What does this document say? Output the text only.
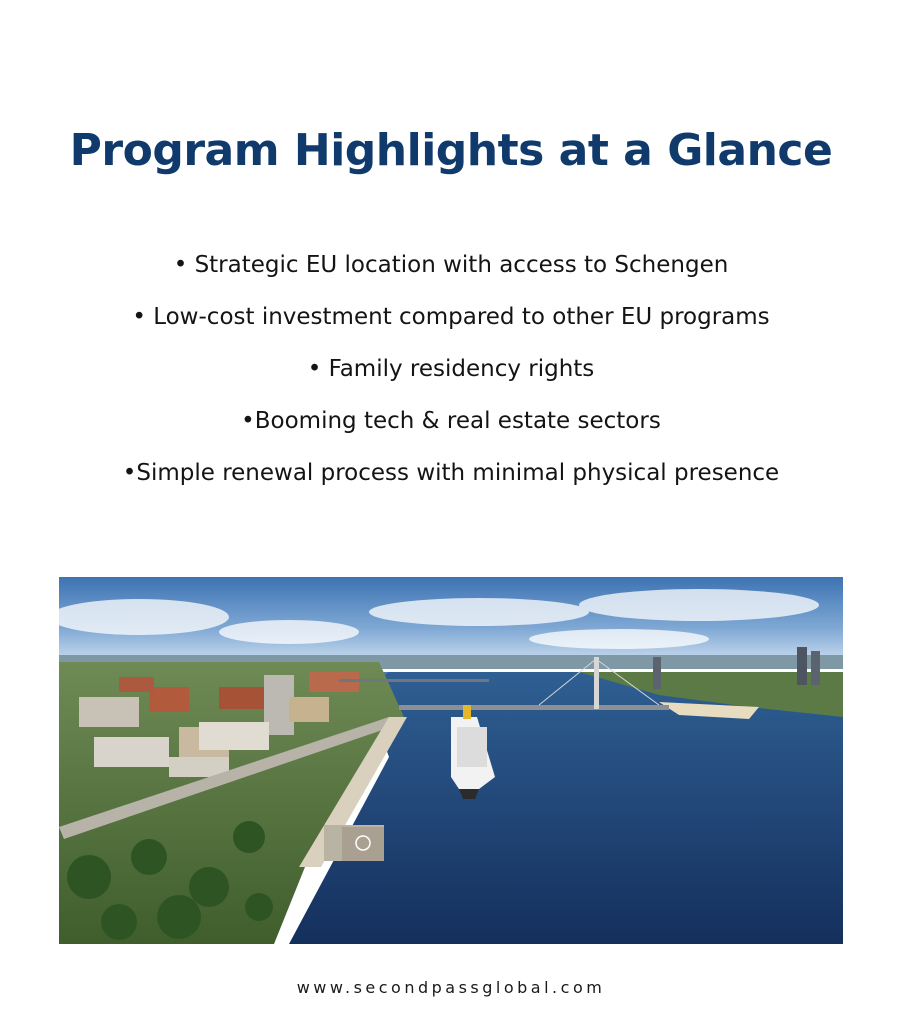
Program Highlights at a Glance
• Strategic EU location with access to Schengen
• Low-cost investment compared to other EU programs
• Family residency rights
•Booming tech & real estate sectors
•Simple renewal process with minimal physical presence
www.secondpassglobal.com
